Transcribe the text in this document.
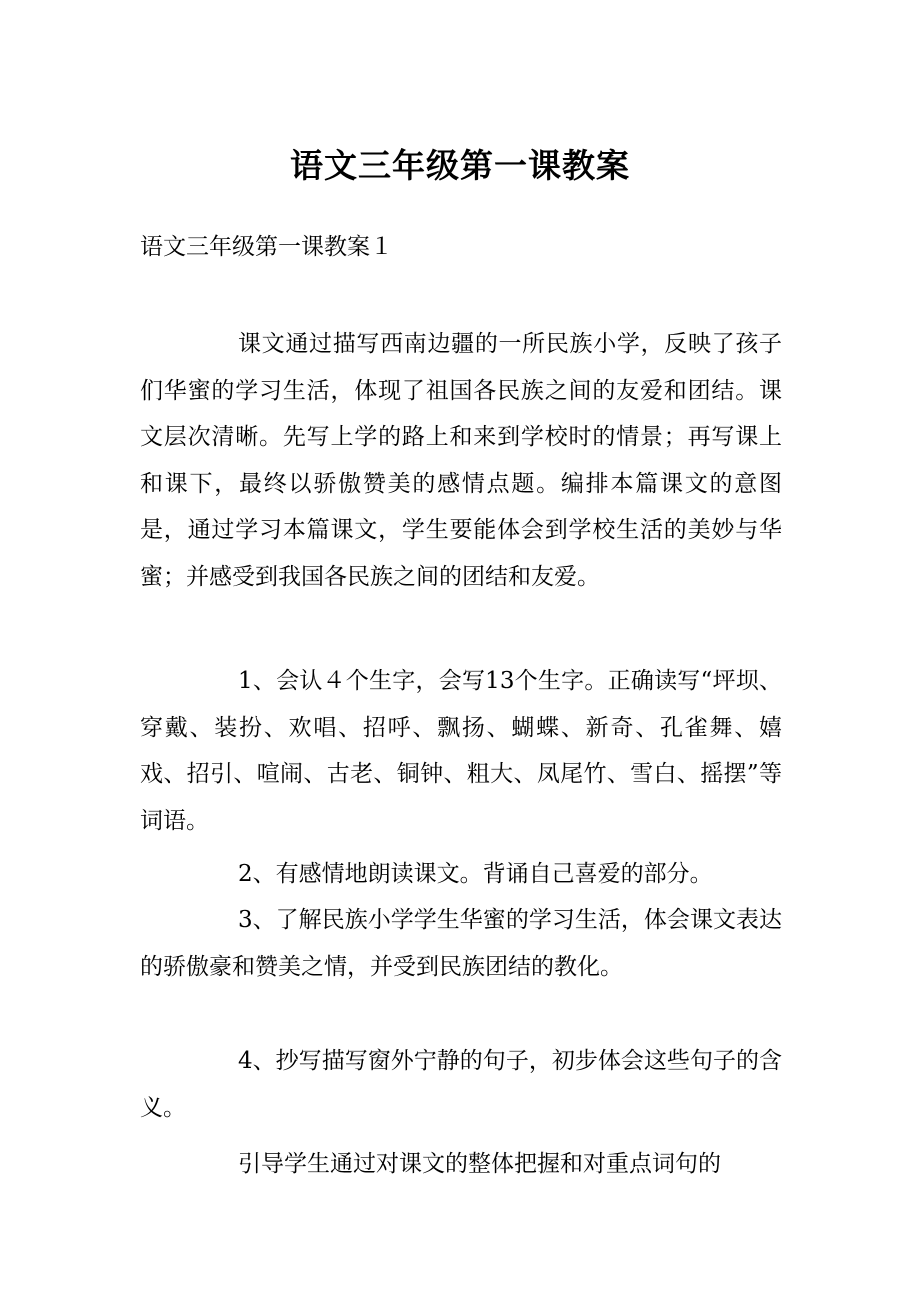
语文三年级第一课教案

语文三年级第一课教案１

课文通过描写西南边疆的一所民族小学，反映了孩子们华蜜的学习生活，体现了祖国各民族之间的友爱和团结。课文层次清晰。先写上学的路上和来到学校时的情景；再写课上和课下，最终以骄傲赞美的感情点题。编排本篇课文的意图是，通过学习本篇课文，学生要能体会到学校生活的美妙与华蜜；并感受到我国各民族之间的团结和友爱。

1、会认４个生字，会写13个生字。正确读写“坪坝、穿戴、装扮、欢唱、招呼、飘扬、蝴蝶、新奇、孔雀舞、嬉戏、招引、喧闹、古老、铜钟、粗大、凤尾竹、雪白、摇摆”等词语。

2、有感情地朗读课文。背诵自己喜爱的部分。

3、了解民族小学学生华蜜的学习生活，体会课文表达的骄傲豪和赞美之情，并受到民族团结的教化。

4、抄写描写窗外宁静的句子，初步体会这些句子的含义。

引导学生通过对课文的整体把握和对重点词句的
